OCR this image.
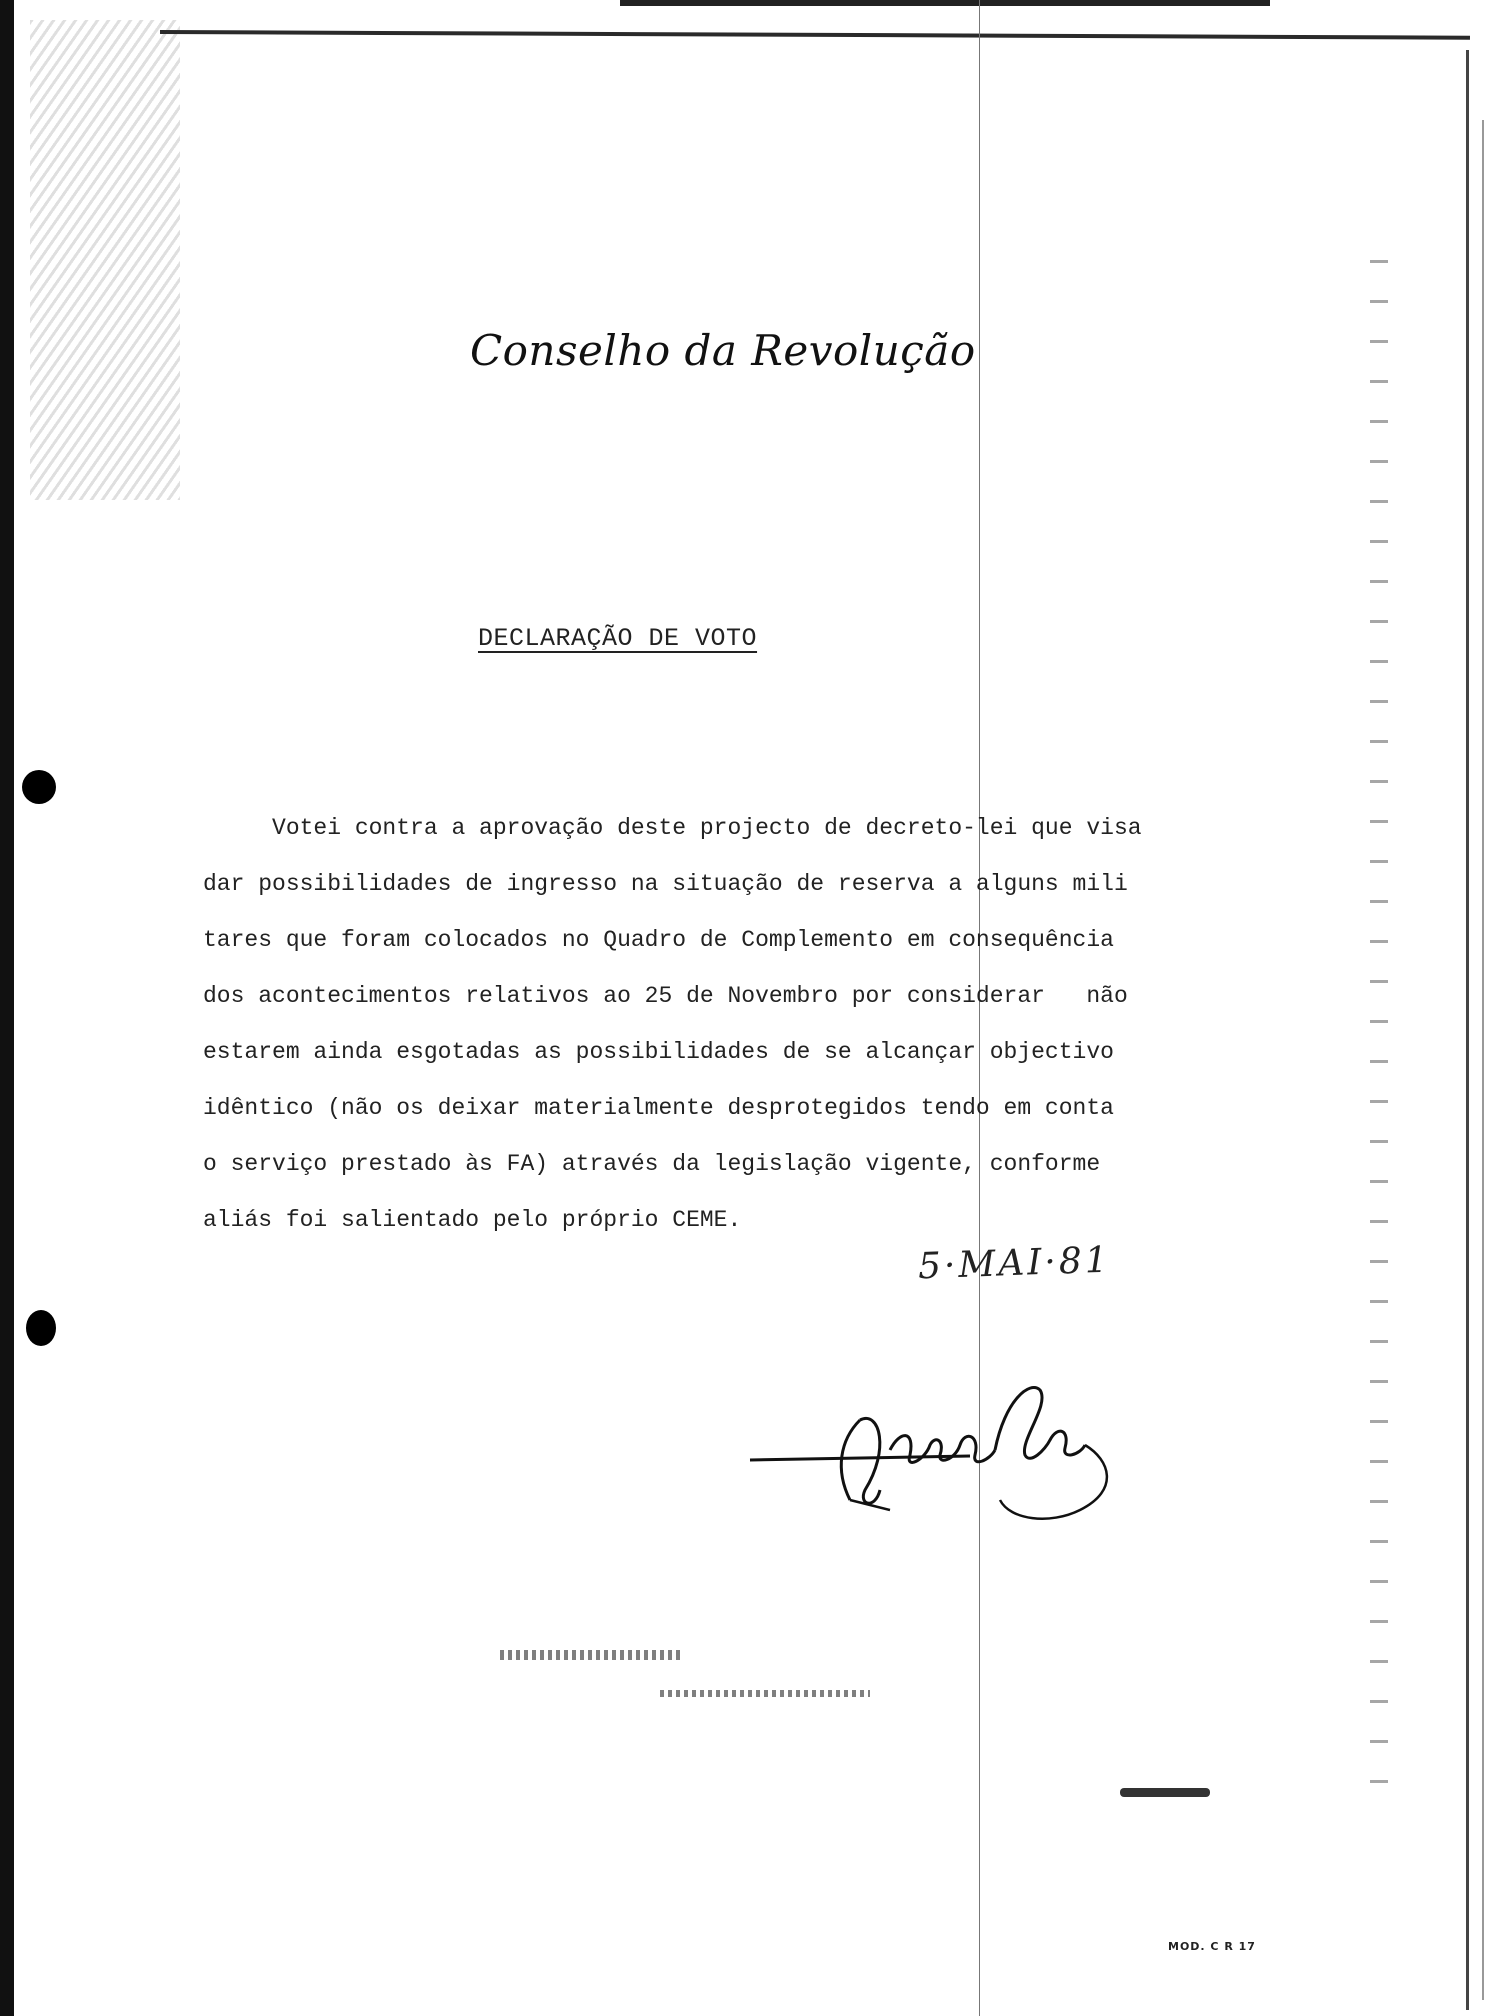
Conselho da Revolução
DECLARAÇÃO DE VOTO
Votei contra a aprovação deste projecto de decreto-lei que visa
dar possibilidades de ingresso na situação de reserva a alguns mili
tares que foram colocados no Quadro de Complemento em consequência
dos acontecimentos relativos ao 25 de Novembro por considerar   não
estarem ainda esgotadas as possibilidades de se alcançar objectivo
idêntico (não os deixar materialmente desprotegidos tendo em conta
o serviço prestado às FA) através da legislação vigente, conforme
aliás foi salientado pelo próprio CEME.
5·MAI·81
MOD. C R 17
